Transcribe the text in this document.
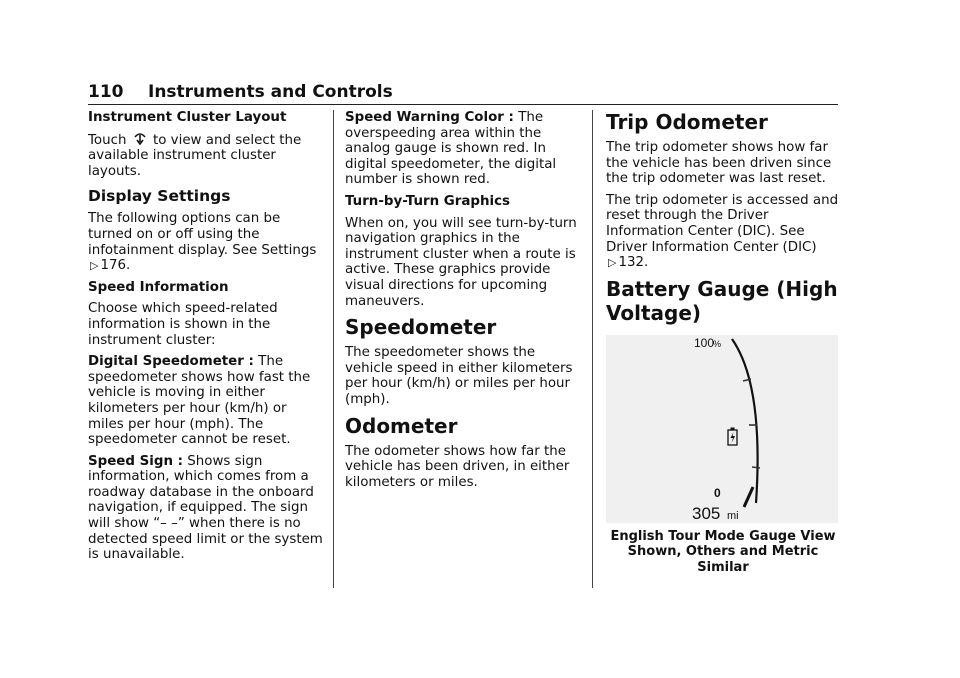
110 Instruments and Controls

Instrument Cluster Layout

Touch to view and select the available instrument cluster layouts.

Display Settings

The following options can be turned on or off using the infotainment display. See Settings ▷ 176.

Speed Information

Choose which speed-related information is shown in the instrument cluster:

Digital Speedometer : The speedometer shows how fast the vehicle is moving in either kilometers per hour (km/h) or miles per hour (mph). The speedometer cannot be reset.

Speed Sign : Shows sign information, which comes from a roadway database in the onboard navigation, if equipped. The sign will show “– –” when there is no detected speed limit or the system is unavailable.

Speed Warning Color : The overspeeding area within the analog gauge is shown red. In digital speedometer, the digital number is shown red.

Turn-by-Turn Graphics

When on, you will see turn-by-turn navigation graphics in the instrument cluster when a route is active. These graphics provide visual directions for upcoming maneuvers.

Speedometer

The speedometer shows the vehicle speed in either kilometers per hour (km/h) or miles per hour (mph).

Odometer

The odometer shows how far the vehicle has been driven, in either kilometers or miles.

Trip Odometer

The trip odometer shows how far the vehicle has been driven since the trip odometer was last reset.

The trip odometer is accessed and reset through the Driver Information Center (DIC). See Driver Information Center (DIC) ▷ 132.

Battery Gauge (High Voltage)
100
%
0
305 mi
English Tour Mode Gauge View Shown, Others and Metric Similar
